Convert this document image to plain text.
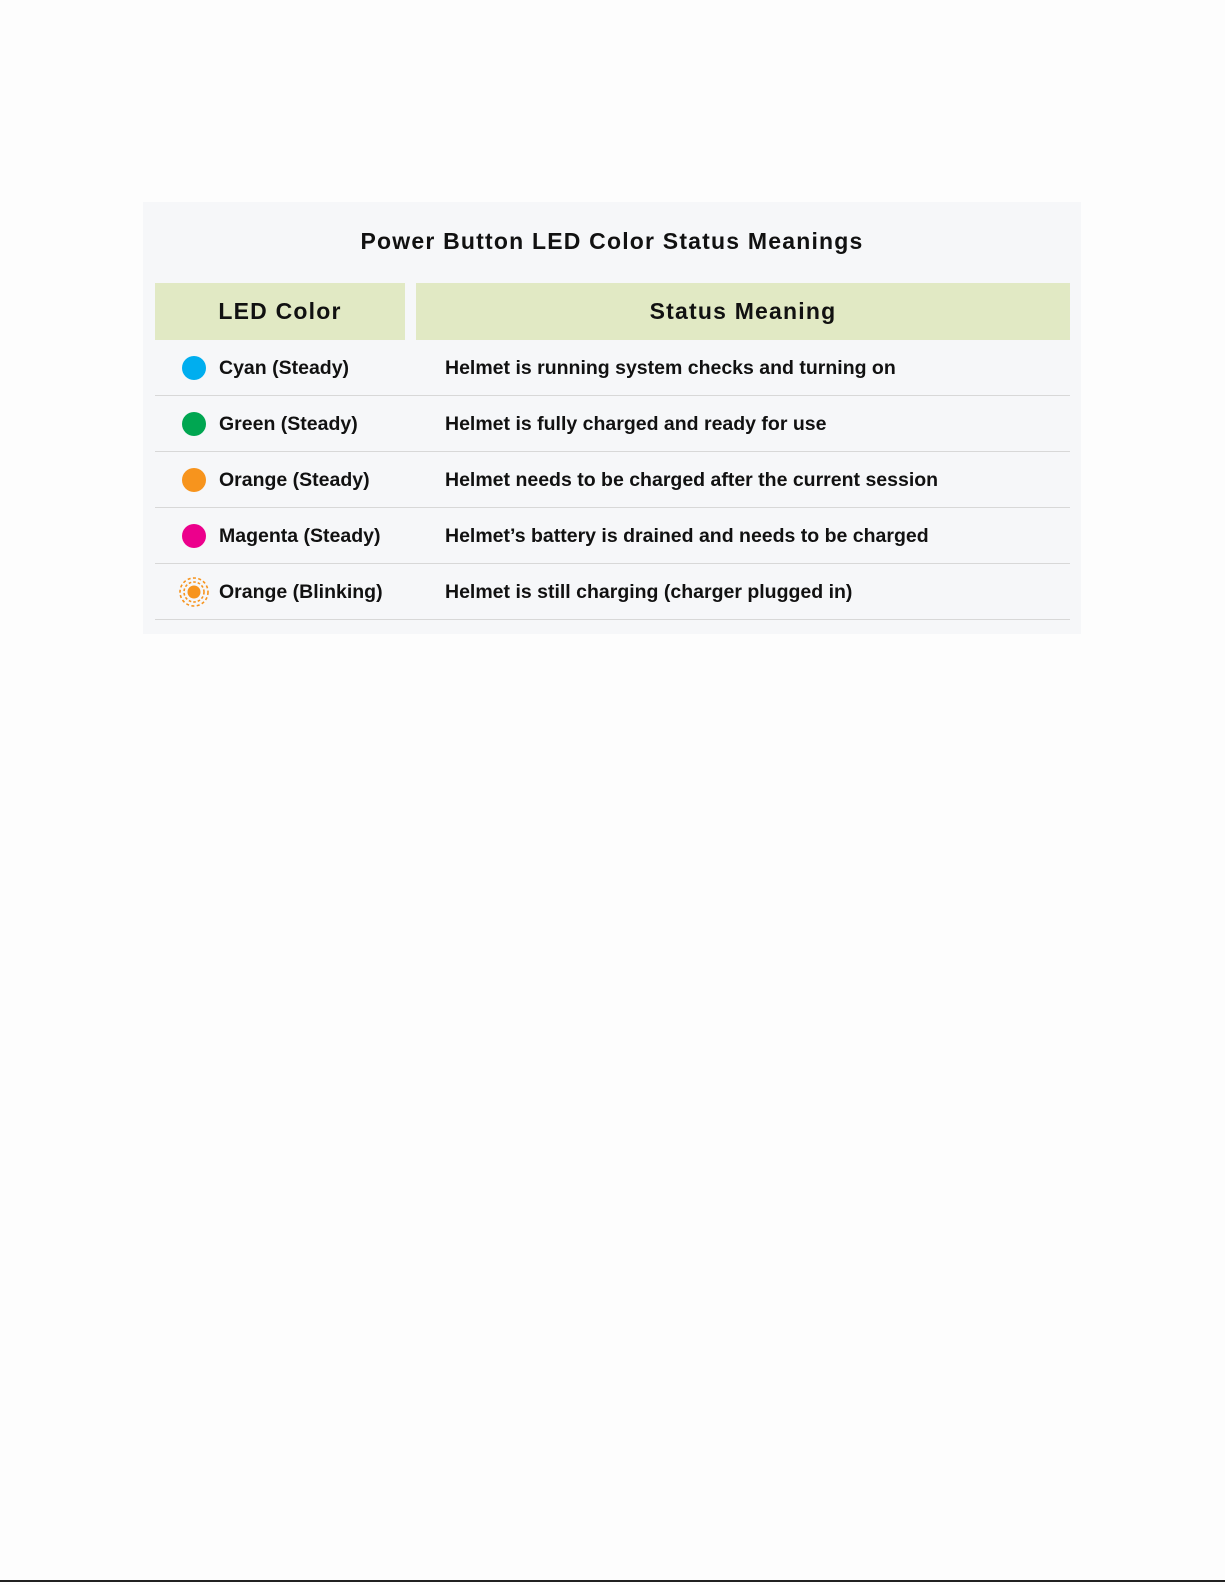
Power Button LED Color Status Meanings
LED Color	Status Meaning
Cyan (Steady)	Helmet is running system checks and turning on
Green (Steady)	Helmet is fully charged and ready for use
Orange (Steady)	Helmet needs to be charged after the current session
Magenta (Steady)	Helmet’s battery is drained and needs to be charged
Orange (Blinking)	Helmet is still charging (charger plugged in)
